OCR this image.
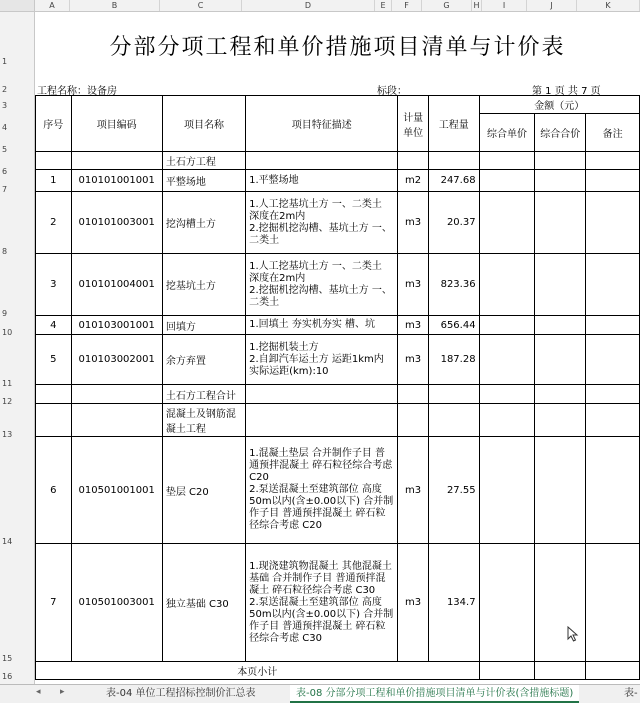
A	B	C	D	E	F	G	H	I	J	K
1
2
3
4
5
6
7
8
9
10
11
12
13
14
15
16
分部分项工程和单价措施项目清单与计价表
工程名称：设备房	标段：	第 1 页 共 7 页
序号	项目编码	项目名称	项目特征描述	计量单位	工程量	金额（元）		
						综合单价	综合合价	备注
		土石方工程						
1	010101001001	平整场地	1.平整场地	m2	247.68			
2	010101003001	挖沟槽土方	1.人工挖基坑土方 一、二类土 深度在2m内
2.挖掘机挖沟槽、基坑土方 一、二类土	m3	20.37			
3	010101004001	挖基坑土方	1.人工挖基坑土方 一、二类土 深度在2m内
2.挖掘机挖沟槽、基坑土方 一、二类土	m3	823.36			
4	010103001001	回填方	1.回填土 夯实机夯实 槽、坑	m3	656.44			
5	010103002001	余方弃置	1.挖掘机装土方
2.自卸汽车运土方 运距1km内 实际运距(km):10	m3	187.28			
		土石方工程合计						
		混凝土及钢筋混凝土工程						
6	010501001001	垫层 C20	1.混凝土垫层 合并制作子目 普通预拌混凝土 碎石粒径综合考虑 C20
2.泵送混凝土至建筑部位 高度50m以内(含±0.00以下) 合并制作子目 普通预拌混凝土 碎石粒径综合考虑 C20	m3	27.55			
7	010501003001	独立基础 C30	1.现浇建筑物混凝土 其他混凝土基础 合并制作子目 普通预拌混凝土 碎石粒径综合考虑 C30
2.泵送混凝土至建筑部位 高度50m以内(含±0.00以下) 合并制作子目 普通预拌混凝土 碎石粒径综合考虑 C30	m3	134.7			
本页小计								
◂ ▸	表-04 单位工程招标控制价汇总表	表-08 分部分项工程和单价措施项目清单与计价表(含措施标题)	表-
